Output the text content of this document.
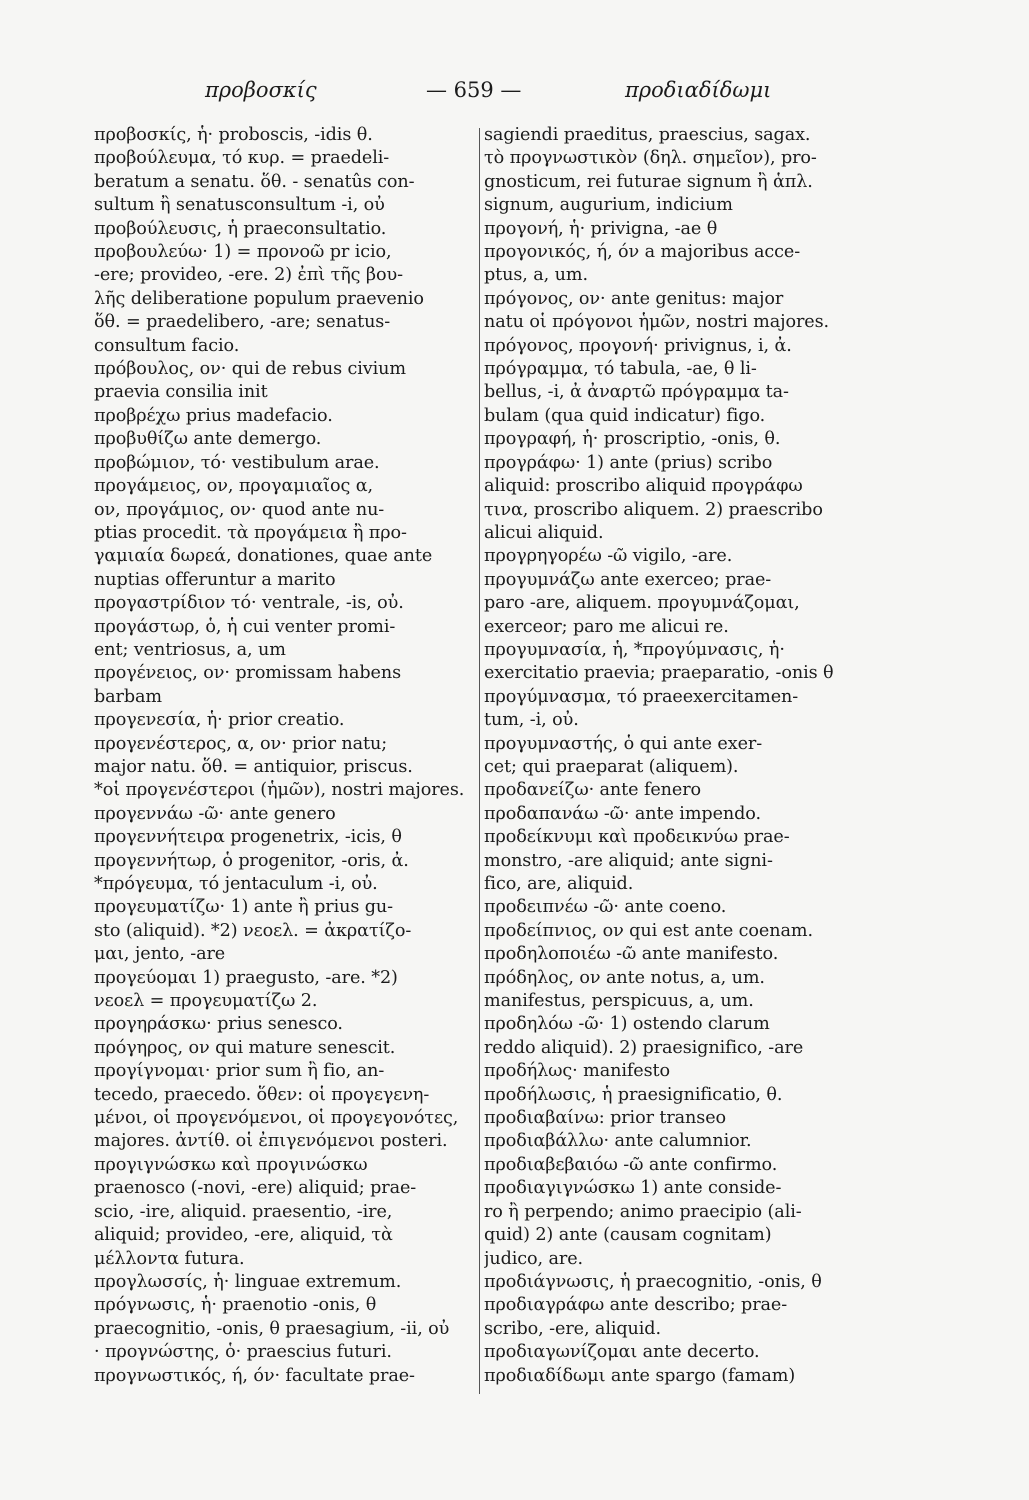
προβοσκίς	— 659 —	προδιαδίδωμι
προβοσκίς, ἡ· proboscis, -idis θ.
προβούλευμα, τό κυρ. = praedeli-
beratum a senatu. ὅθ. - senatûs con-
sultum ἢ senatusconsultum -i, οὐ
προβούλευσις, ἡ praeconsultatio.
προβουλεύω· 1) = προνοῶ pr icio,
-ere; provideo, -ere. 2) ἐπὶ τῆς βου-
λῆς deliberatione populum praevenio
ὅθ. = praedelibero, -are; senatus-
consultum facio.
πρόβουλος, ον· qui de rebus civium
praevia consilia init
προβρέχω prius madefacio.
προβυθίζω ante demergo.
προβώμιον, τό· vestibulum arae.
προγάμειος, ον, προγαμιαῖος α,
ον, προγάμιος, ον· quod ante nu-
ptias procedit. τὰ προγάμεια ἢ προ-
γαμιαία δωρεά, donationes, quae ante
nuptias offeruntur a marito
προγαστρίδιον τό· ventrale, -is, οὐ.
προγάστωρ, ὁ, ἡ cui venter promi-
ent; ventriosus, a, um
προγένειος, ον· promissam habens
barbam
προγενεσία, ἡ· prior creatio.
προγενέστερος, α, ον· prior natu;
major natu. ὅθ. = antiquior, priscus.
*οἱ προγενέστεροι (ἡμῶν), nostri majores.
προγεννάω -ῶ· ante genero
προγεννήτειρα progenetrix, -icis, θ
προγεννήτωρ, ὁ progenitor, -oris, ἀ.
*πρόγευμα, τό jentaculum -i, οὐ.
προγευματίζω· 1) ante ἢ prius gu-
sto (aliquid). *2) νεοελ. = ἀκρατίζο-
μαι, jento, -are
προγεύομαι 1) praegusto, -are. *2)
νεοελ = προγευματίζω 2.
προγηράσκω· prius senesco.
πρόγηρος, ον qui mature senescit.
προγίγνομαι· prior sum ἢ fio, an-
tecedo, praecedo. ὅθεν: οἱ προγεγενη-
μένοι, οἱ προγενόμενοι, οἱ προγεγονότες,
majores. ἀντίθ. οἱ ἐπιγενόμενοι posteri.
προγιγνώσκω καὶ προγινώσκω
praenosco (-novi, -ere) aliquid; prae-
scio, -ire, aliquid. praesentio, -ire,
aliquid; provideo, -ere, aliquid, τὰ
μέλλοντα futura.
προγλωσσίς, ἡ· linguae extremum.
πρόγνωσις, ἡ· praenotio -onis, θ
praecognitio, -onis, θ praesagium, -ii, οὐ
· προγνώστης, ὁ· praescius futuri.
προγνωστικός, ή, όν· facultate prae-
sagiendi praeditus, praescius, sagax.
τὸ προγνωστικὸν (δηλ. σημεῖον), pro-
gnosticum, rei futurae signum ἢ ἁπλ.
signum, augurium, indicium
προγονή, ἡ· privigna, -ae θ
προγονικός, ή, όν a majoribus acce-
ptus, a, um.
πρόγονος, ον· ante genitus: major
natu οἱ πρόγονοι ἡμῶν, nostri majores.
πρόγονος, προγονή· privignus, i, ἀ.
πρόγραμμα, τό tabula, -ae, θ li-
bellus, -i, ἀ ἀναρτῶ πρόγραμμα ta-
bulam (qua quid indicatur) figo.
προγραφή, ἡ· proscriptio, -onis, θ.
προγράφω· 1) ante (prius) scribo
aliquid: proscribo aliquid προγράφω
τινα, proscribo aliquem. 2) praescribo
alicui aliquid.
προγρηγορέω -ῶ vigilo, -are.
προγυμνάζω ante exerceo; prae-
paro -are, aliquem. προγυμνάζομαι,
exerceor; paro me alicui re.
προγυμνασία, ἡ, *προγύμνασις, ἡ·
exercitatio praevia; praeparatio, -onis θ
προγύμνασμα, τό praeexercitamen-
tum, -i, οὐ.
προγυμναστής, ὁ qui ante exer-
cet; qui praeparat (aliquem).
προδανείζω· ante fenero
προδαπανάω -ῶ· ante impendo.
προδείκνυμι καὶ προδεικνύω prae-
monstro, -are aliquid; ante signi-
fico, are, aliquid.
προδειπνέω -ῶ· ante coeno.
προδείπνιος, ον qui est ante coenam.
προδηλοποιέω -ῶ ante manifesto.
πρόδηλος, ον ante notus, a, um.
manifestus, perspicuus, a, um.
προδηλόω -ῶ· 1) ostendo clarum
reddo aliquid). 2) praesignifico, -are
προδήλως· manifesto
προδήλωσις, ἡ praesignificatio, θ.
προδιαβαίνω: prior transeo
προδιαβάλλω· ante calumnior.
προδιαβεβαιόω -ῶ ante confirmo.
προδιαγιγνώσκω 1) ante conside-
ro ἢ perpendo; animo praecipio (ali-
quid) 2) ante (causam cognitam)
judico, are.
προδιάγνωσις, ἡ praecognitio, -onis, θ
προδιαγράφω ante describo; prae-
scribo, -ere, aliquid.
προδιαγωνίζομαι ante decerto.
προδιαδίδωμι ante spargo (famam)
